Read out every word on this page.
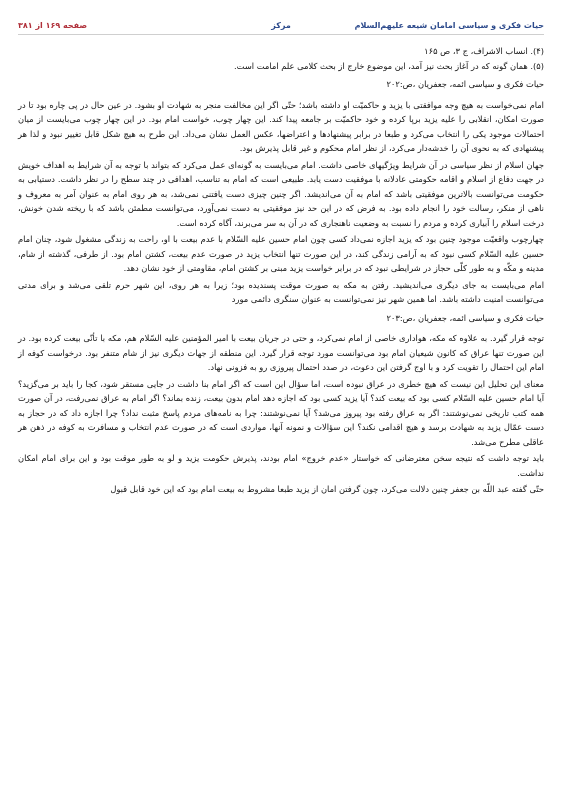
حیات فکری و سیاسی امامان شیعه علیهم‌السلام
مرکز
صفحه ۱۶۹ از ۳۸۱

(۴). انساب الاشراف، ج ۳، ص ۱۶۵

(۵). همان گونه که در آغاز بحث نیز آمد، این موضوع خارج از بحث کلامی علم امامت است.

حیات فکری و سیاسی ائمه، جعفریان ،ص:۲۰۲

امام نمی‌خواست به هیچ وجه موافقتی با یزید و حاکمیّت او داشته باشد؛ حتّی اگر این مخالفت منجر به شهادت او بشود. در عین حال در پی چاره بود تا در صورت امکان، انقلابی را علیه یزید برپا کرده و خود حاکمیّت بر جامعه پیدا کند. این چهار چوب، خواست امام بود. در این چهار چوب می‌بایست از میان احتمالات موجود یکی را انتخاب می‌کرد و طبعا در برابر پیشنهادها و اعتراضها، عکس العمل نشان می‌داد. این طرح به هیچ شکل قابل تغییر نبود و لذا هر پیشنهادی که به نحوی آن را خدشه‌دار می‌کرد، از نظر امام محکوم و غیر قابل پذیرش بود.

جهان اسلام از نظر سیاسی در آن شرایط ویژگیهای خاصی داشت. امام می‌بایست به گونه‌ای عمل می‌کرد که بتواند با توجه به آن شرایط به اهداف خویش در جهت دفاع از اسلام و اقامه حکومتی عادلانه با موفقیت دست یابد. طبیعی است که امام به تناسب، اهدافی در چند سطح را در نظر داشت. دستیابی به حکومت می‌توانست بالاترین موفقیتی باشد که امام به آن می‌اندیشد. اگر چنین چیزی دست یافتنی نمی‌شد، به هر روی امام به عنوان آمر به معروف و ناهی از منکر، رسالت خود را انجام داده بود. به فرض که در این حد نیز موفقیتی به دست نمی‌آورد، می‌توانست مطمئن باشد که با ریخته شدن خونش، درخت اسلام را آبیاری کرده و مردم را نسبت به وضعیت ناهنجاری که در آن به سر می‌برند، آگاه کرده است.

چهارچوب واقعیّت موجود چنین بود که یزید اجازه نمی‌داد کسی چون امام حسین علیه السّلام با عدم بیعت با او، راحت به زندگی مشغول شود، چنان امام حسین علیه السّلام کسی نبود که به آرامی زندگی کند، در این صورت تنها انتخاب یزید در صورت عدم بیعت، کشتن امام بود. از طرفی، گذشته از شام، مدینه و مکّه و به طور کلّی حجاز در شرایطی نبود که در برابر خواست یزید مبنی بر کشتن امام، مقاومتی از خود نشان دهد.

امام می‌بایست به جای دیگری می‌اندیشید. رفتن به مکه به صورت موقت پسندیده بود؛ زیرا به هر روی، این شهر حرم تلقی می‌شد و برای مدتی می‌توانست امنیت داشته باشد. اما همین شهر نیز نمی‌توانست به عنوان سنگری دائمی مورد

حیات فکری و سیاسی ائمه، جعفریان ،ص:۲۰۳

توجه قرار گیرد. به علاوه که مکه، هواداری خاصی از امام نمی‌کرد، و حتی در جریان بیعت با امیر المؤمنین علیه السّلام هم، مکه با تأنّی بیعت کرده بود. در این صورت تنها عراق که کانون شیعیان امام بود می‌توانست مورد توجه قرار گیرد. این منطقه از جهات دیگری نیز از شام متنفر بود. درخواست کوفه از امام این احتمال را تقویت کرد و با اوج گرفتن این دعوت، در صدد احتمال پیروزی رو به فزونی نهاد.

معنای این تحلیل این نیست که هیچ خطری در عراق نبوده است، اما سؤال این است که اگر امام بنا داشت در جایی مستقر شود، کجا را باید بر می‌گزید؟ آیا امام حسین علیه السّلام کسی بود که بیعت کند؟ آیا یزید کسی بود که اجازه دهد امام بدون بیعت، زنده بماند؟ اگر امام به عراق نمی‌رفت، در آن صورت همه کتب تاریخی نمی‌نوشتند: اگر به عراق رفته بود پیروز می‌شد؟ آیا نمی‌نوشتند: چرا به نامه‌های مردم پاسخ مثبت نداد؟ چرا اجازه داد که در حجاز به دست عمّال یزید به شهادت برسد و هیچ اقدامی نکند؟ این سؤالات و نمونه آنها، مواردی است که در صورت عدم انتخاب و مسافرت به کوفه در ذهن هر عاقلی مطرح می‌شد.

باید توجه داشت که نتیجه سخن معترضانی که خواستار «عدم خروج» امام بودند، پذیرش حکومت یزید و لو به طور موقت بود و این برای امام امکان نداشت.

حتّی گفته عبد اللّه بن جعفر چنین دلالت می‌کرد، چون گرفتن امان از یزید طبعا مشروط به بیعت امام بود که این خود قابل قبول
